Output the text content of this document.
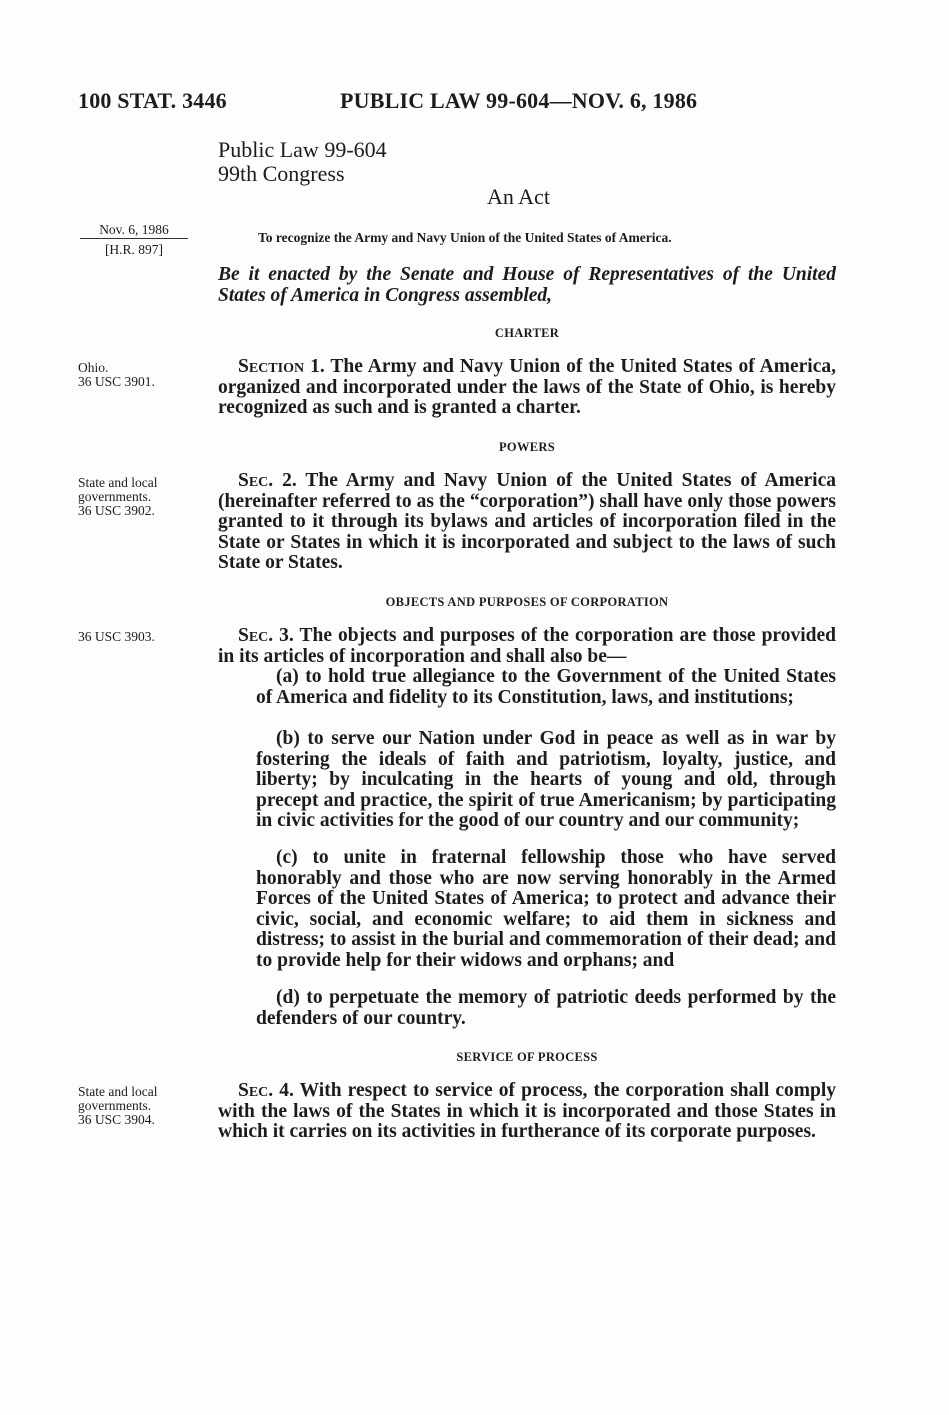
100 STAT. 3446	PUBLIC LAW 99-604—NOV. 6, 1986
Public Law 99-604
99th Congress
An Act
Nov. 6, 1986
[H.R. 897]
To recognize the Army and Navy Union of the United States of America.
Be it enacted by the Senate and House of Representatives of the United States of America in Congress assembled,
CHARTER
Ohio.
36 USC 3901.
Section 1. The Army and Navy Union of the United States of America, organized and incorporated under the laws of the State of Ohio, is hereby recognized as such and is granted a charter.
POWERS
State and local
governments.
36 USC 3902.
Sec. 2. The Army and Navy Union of the United States of America (hereinafter referred to as the “corporation”) shall have only those powers granted to it through its bylaws and articles of incorporation filed in the State or States in which it is incorporated and subject to the laws of such State or States.
OBJECTS AND PURPOSES OF CORPORATION
36 USC 3903.	Sec. 3. The objects and purposes of the corporation are those provided in its articles of incorporation and shall also be—
(a) to hold true allegiance to the Government of the United States of America and fidelity to its Constitution, laws, and institutions;
(b) to serve our Nation under God in peace as well as in war by fostering the ideals of faith and patriotism, loyalty, justice, and liberty; by inculcating in the hearts of young and old, through precept and practice, the spirit of true Americanism; by participating in civic activities for the good of our country and our community;
(c) to unite in fraternal fellowship those who have served honorably and those who are now serving honorably in the Armed Forces of the United States of America; to protect and advance their civic, social, and economic welfare; to aid them in sickness and distress; to assist in the burial and commemoration of their dead; and to provide help for their widows and orphans; and
(d) to perpetuate the memory of patriotic deeds performed by the defenders of our country.
SERVICE OF PROCESS
State and local
governments.
36 USC 3904.
Sec. 4. With respect to service of process, the corporation shall comply with the laws of the States in which it is incorporated and those States in which it carries on its activities in furtherance of its corporate purposes.
